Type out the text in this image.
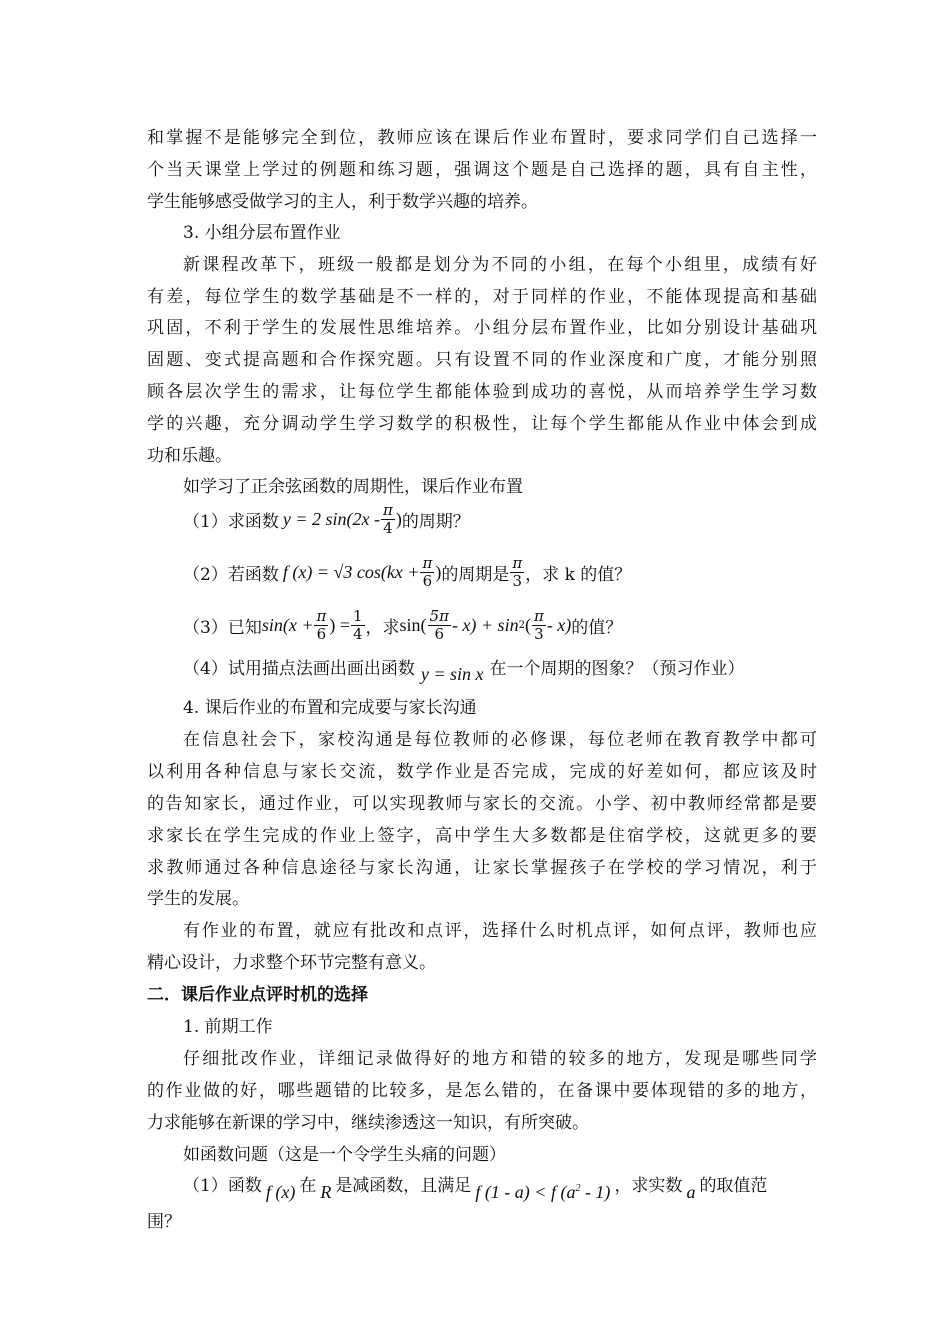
和掌握不是能够完全到位，教师应该在课后作业布置时，要求同学们自己选择一
个当天课堂上学过的例题和练习题，强调这个题是自己选择的题，具有自主性，
学生能够感受做学习的主人，利于数学兴趣的培养。
3. 小组分层布置作业
新课程改革下，班级一般都是划分为不同的小组，在每个小组里，成绩有好
有差，每位学生的数学基础是不一样的，对于同样的作业，不能体现提高和基础
巩固，不利于学生的发展性思维培养。小组分层布置作业，比如分别设计基础巩
固题、变式提高题和合作探究题。只有设置不同的作业深度和广度，才能分别照
顾各层次学生的需求，让每位学生都能体验到成功的喜悦，从而培养学生学习数
学的兴趣，充分调动学生学习数学的积极性，让每个学生都能从作业中体会到成
功和乐趣。
如学习了正余弦函数的周期性，课后作业布置
（1）求函数 y = 2 $\sin(2x - \frac{\pi}{4}$ ) 的周期？
（2）若函数 f (x) = √3 $\cos(kx + \frac{\pi}{6}$ ) 的周期是 $\frac{\pi}{3}$ ，求 k 的值？
（3）已知 $\sin(x + \frac{\pi}{6}$ ) = $\frac{1}{4}$ ，求 $\sin( \frac{5\pi}{6} - x) + \sin 2$ ( $\frac{\pi}{3} - x$) 的值？
（4）试用描点法画出画出函数 y = sin x 在一个周期的图象？（预习作业）
4. 课后作业的布置和完成要与家长沟通
在信息社会下，家校沟通是每位教师的必修课，每位老师在教育教学中都可
以利用各种信息与家长交流，数学作业是否完成，完成的好差如何，都应该及时
的告知家长，通过作业，可以实现教师与家长的交流。小学、初中教师经常都是要
求家长在学生完成的作业上签字，高中学生大多数都是住宿学校，这就更多的要
求教师通过各种信息途径与家长沟通，让家长掌握孩子在学校的学习情况，利于
学生的发展。
有作业的布置，就应有批改和点评，选择什么时机点评，如何点评，教师也应
精心设计，力求整个环节完整有意义。
二．课后作业点评时机的选择
1. 前期工作
仔细批改作业，详细记录做得好的地方和错的较多的地方，发现是哪些同学
的作业做的好，哪些题错的比较多，是怎么错的，在备课中要体现错的多的地方，
力求能够在新课的学习中，继续渗透这一知识，有所突破。
如函数问题（这是一个令学生头痛的问题）
（1）函数 f (x) 在 R 是减函数，且满足 f (1 - a) < f $(a^2 - 1)$ ，求实数 a 的取值范
围？
